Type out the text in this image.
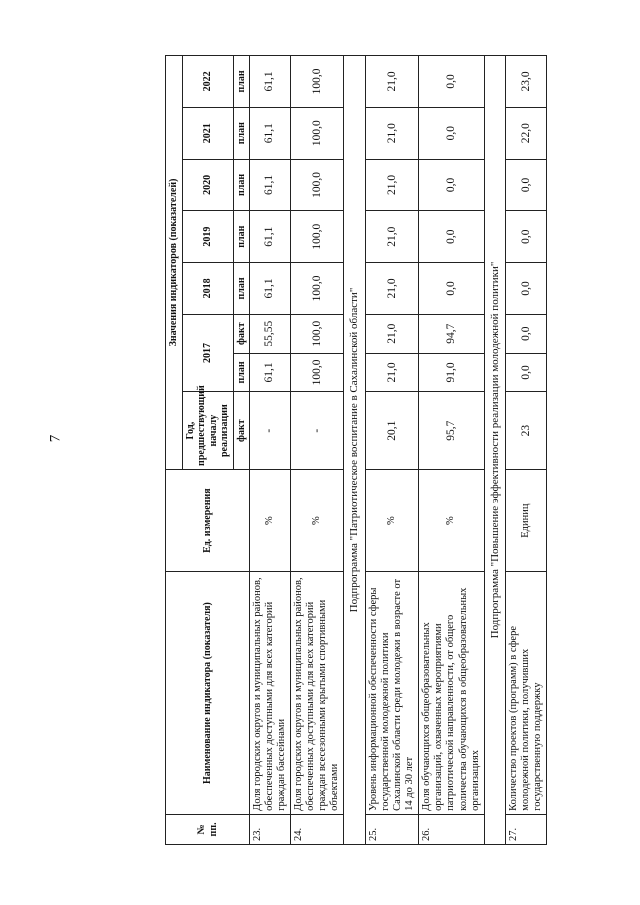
7
№ пп.	Наименование индикатора (показателя)	Ед. измерения	Значения индикаторов (показателей)							
			Год, предшествующий началу реализации	2017		2018	2019	2020	2021	2022
			факт	план	факт	план	план	план	план	план
23.	Доля городских округов и муниципальных районов, обеспеченных доступными для всех категорий граждан бассейнами	%	-	61,1	55,55	61,1	61,1	61,1	61,1	61,1
24.	Доля городских округов и муниципальных районов, обеспеченных доступными для всех категорий граждан всесезонными крытыми спортивными объектами	%	-	100,0	100,0	100,0	100,0	100,0	100,0	100,0
Подпрограмма "Патриотическое воспитание в Сахалинской области"										
25.	Уровень информационной обеспеченности сферы государственной молодежной политики Сахалинской области среди молодежи в возрасте от 14 до 30 лет	%	20,1	21,0	21,0	21,0	21,0	21,0	21,0	21,0
26.	Доля обучающихся общеобразовательных организаций, охваченных мероприятиями патриотической направленности, от общего количества обучающихся в общеобразовательных организациях	%	95,7	91,0	94,7	0,0	0,0	0,0	0,0	0,0
Подпрограмма "Повышение эффективности реализации молодежной политики"										
27.	Количество проектов (программ) в сфере молодежной политики, получивших государственную поддержку	Единиц	23	0,0	0,0	0,0	0,0	0,0	22,0	23,0
